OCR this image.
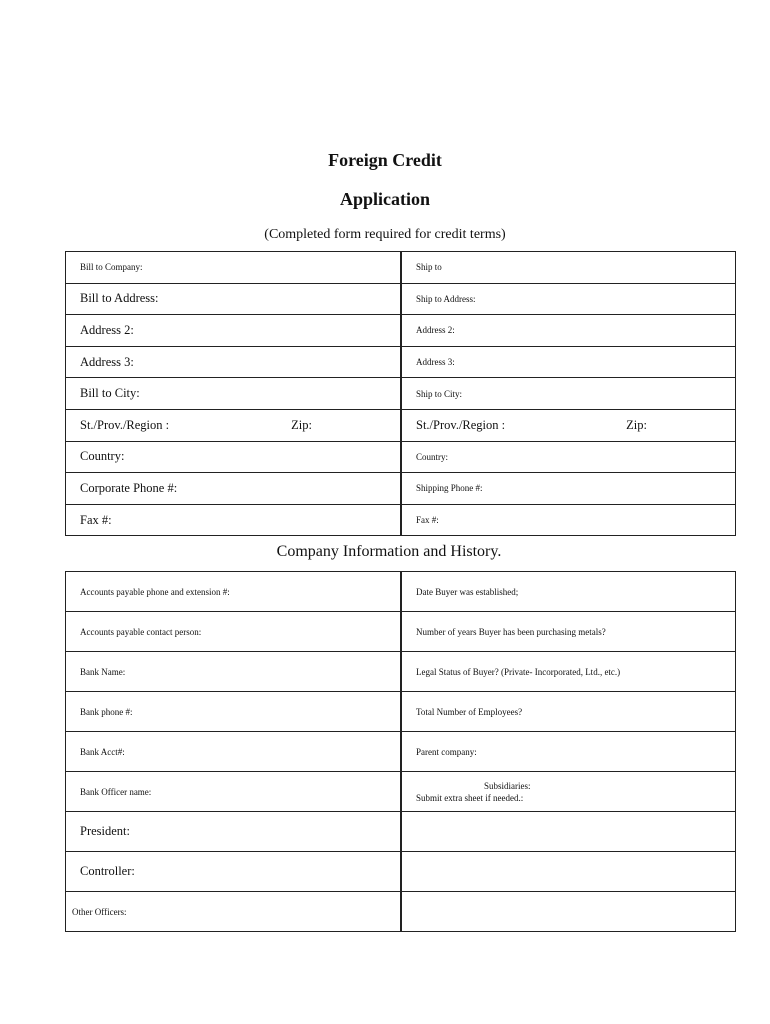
Foreign Credit
Application
(Completed form required for credit terms)
Bill to Company:	Ship to
Bill to Address:	Ship to Address:
Address 2:	Address 2:
Address 3:	Address 3:
Bill to City:	Ship to City:

St./Prov./Region : Zip:	St./Prov./Region : Zip:

Country:	Country:
Corporate Phone #:	Shipping Phone #:
Fax #:	Fax #:
Company Information and History.
Accounts payable phone and extension #:	Date Buyer was established;
Accounts payable contact person:	Number of years Buyer has been purchasing metals?
Bank Name:	Legal Status of Buyer? (Private- Incorporated, Ltd., etc.)
Bank phone #:	Total Number of Employees?
Bank Acct#:	Parent company:
Bank Officer name:	Subsidiaries:
Submit extra sheet if needed.:

President:	
Controller:	
Other Officers:	
